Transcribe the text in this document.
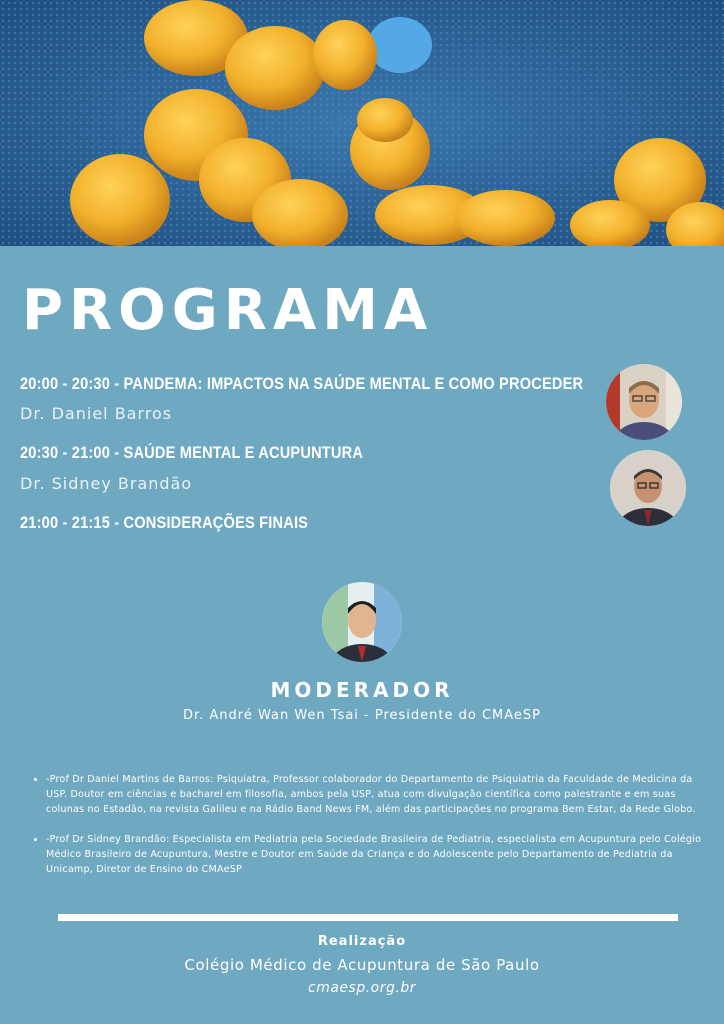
PROGRAMA
20:00 - 20:30 - PANDEMA: IMPACTOS NA SAÚDE MENTAL E COMO PROCEDER
Dr. Daniel Barros
20:30 - 21:00 - SAÚDE MENTAL E ACUPUNTURA
Dr. Sidney Brandão
21:00 - 21:15 - CONSIDERAÇÕES FINAIS
MODERADOR
Dr. André Wan Wen Tsai - Presidente do CMAeSP
• -Prof Dr Daniel Martins de Barros: Psiquiatra, Professor colaborador do Departamento de Psiquiatria da Faculdade de Medicina da USP. Doutor em ciências e bacharel em filosofia, ambos pela USP, atua com divulgação científica como palestrante e em suas colunas no Estadão, na revista Galileu e na Rádio Band News FM, além das participações no programa Bem Estar, da Rede Globo.
• -Prof Dr Sidney Brandão: Especialista em Pediatria pela Sociedade Brasileira de Pediatria, especialista em Acupuntura pelo Colégio Médico Brasileiro de Acupuntura, Mestre e Doutor em Saúde da Criança e do Adolescente pelo Departamento de Pediatria da Unicamp, Diretor de Ensino do CMAeSP
Realização
Colégio Médico de Acupuntura de São Paulo
cmaesp.org.br
